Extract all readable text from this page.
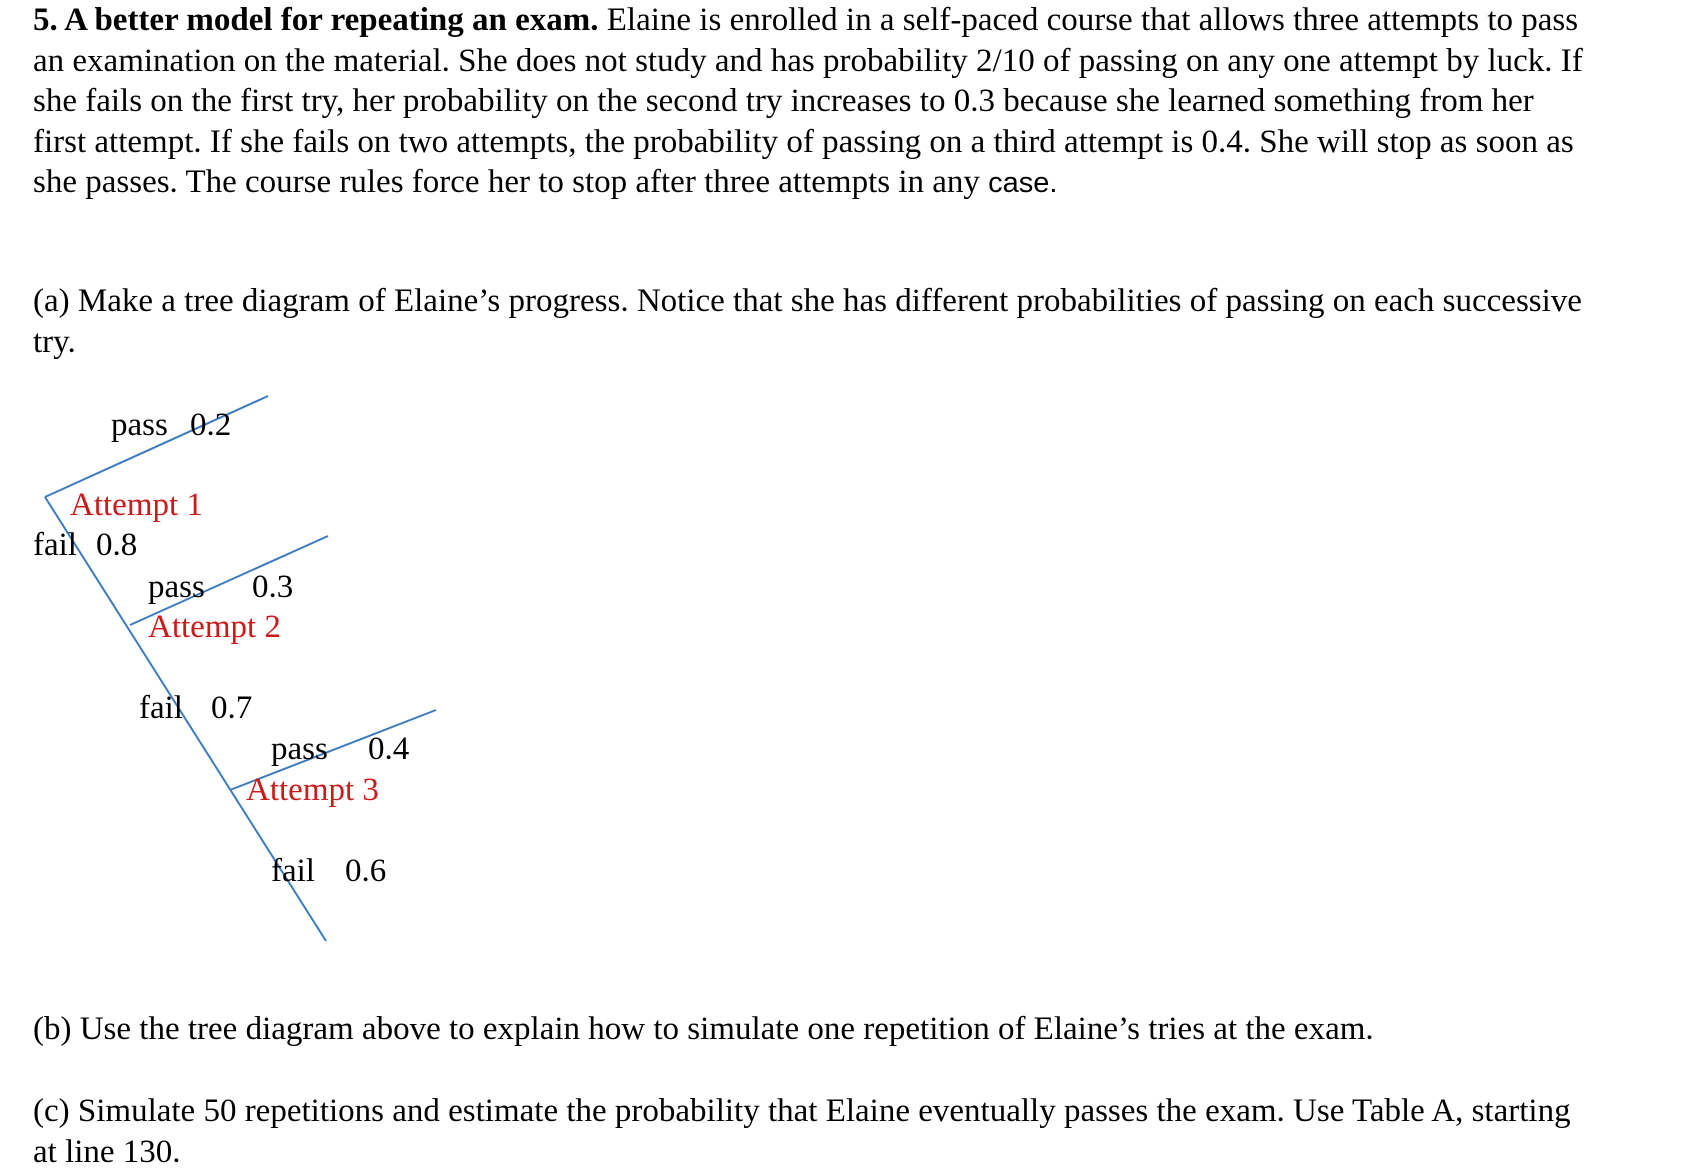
5. A better model for repeating an exam. Elaine is enrolled in a self-paced course that allows three attempts to pass an examination on the material. She does not study and has probability 2/10 of passing on any one attempt by luck. If she fails on the first try, her probability on the second try increases to 0.3 because she learned something from her first attempt. If she fails on two attempts, the probability of passing on a third attempt is 0.4. She will stop as soon as she passes. The course rules force her to stop after three attempts in any case.

(a) Make a tree diagram of Elaine’s progress. Notice that she has different probabilities of passing on each successive try.

pass 0.2
Attempt 1
fail 0.8
pass 0.3
Attempt 2
fail 0.7
pass 0.4
Attempt 3
fail 0.6

(b) Use the tree diagram above to explain how to simulate one repetition of Elaine’s tries at the exam.

(c) Simulate 50 repetitions and estimate the probability that Elaine eventually passes the exam. Use Table A, starting at line 130.
